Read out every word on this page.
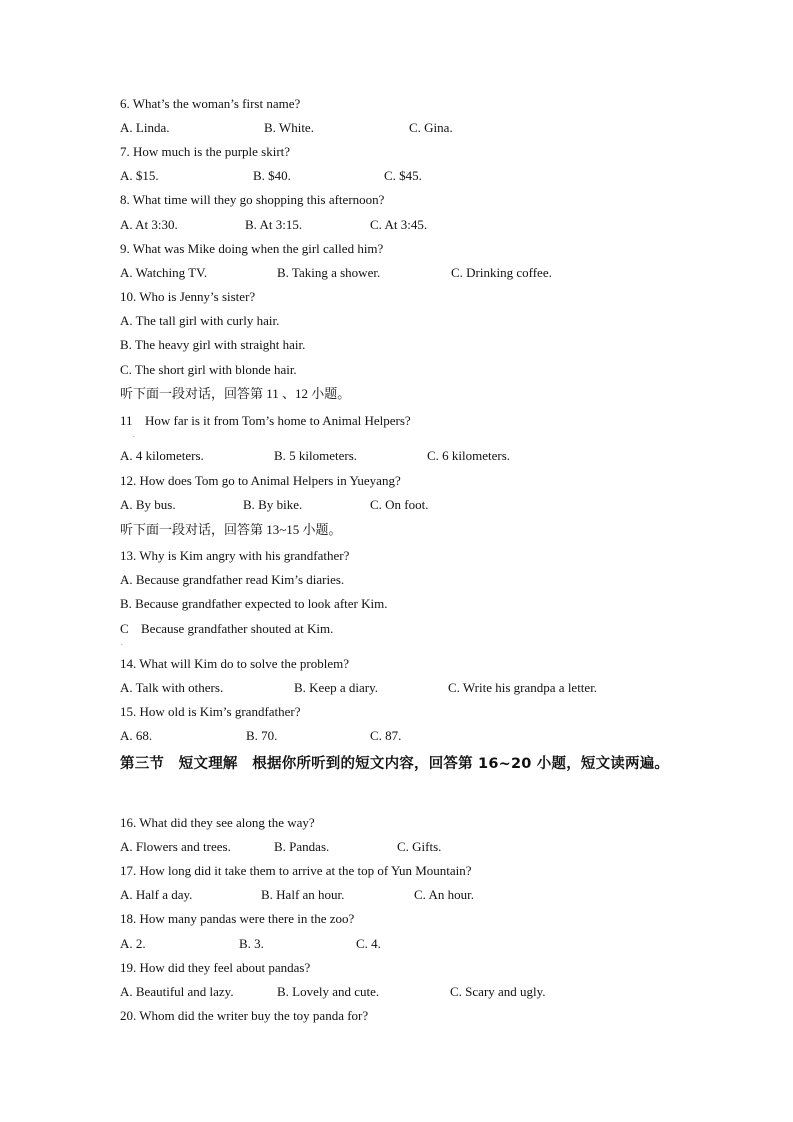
6. What’s the woman’s first name?
A. Linda.	B. White.	C. Gina.
7. How much is the purple skirt?
A. $15.	B. $40.	C. $45.
8. What time will they go shopping this afternoon?
A. At 3:30.	B. At 3:15.	C. At 3:45.
9. What was Mike doing when the girl called him?
A. Watching TV.	B. Taking a shower.	C. Drinking coffee.
10. Who is Jenny’s sister?
A. The tall girl with curly hair.
B. The heavy girl with straight hair.
C. The short girl with blonde hair.
听下面一段对话，回答第 11 、12 小题。
11 How far is it from Tom’s home to Animal Helpers?
.
A. 4 kilometers.	B. 5 kilometers.	C. 6 kilometers.
12. How does Tom go to Animal Helpers in Yueyang?
A. By bus.	B. By bike.	C. On foot.
听下面一段对话，回答第 13~15 小题。
13. Why is Kim angry with his grandfather?
A. Because grandfather read Kim’s diaries.
B. Because grandfather expected to look after Kim.
C Because grandfather shouted at Kim.
.
14. What will Kim do to solve the problem?
A. Talk with others.	B. Keep a diary.	C. Write his grandpa a letter.
15. How old is Kim’s grandfather?
A. 68.	B. 70.	C. 87.
第三节　短文理解　根据你所听到的短文内容，回答第 16~20 小题，短文读两遍。
16. What did they see along the way?
A. Flowers and trees.	B. Pandas.	C. Gifts.
17. How long did it take them to arrive at the top of Yun Mountain?
A. Half a day.	B. Half an hour.	C. An hour.
18. How many pandas were there in the zoo?
A. 2.	B. 3.	C. 4.
19. How did they feel about pandas?
A. Beautiful and lazy.	B. Lovely and cute.	C. Scary and ugly.
20. Whom did the writer buy the toy panda for?
